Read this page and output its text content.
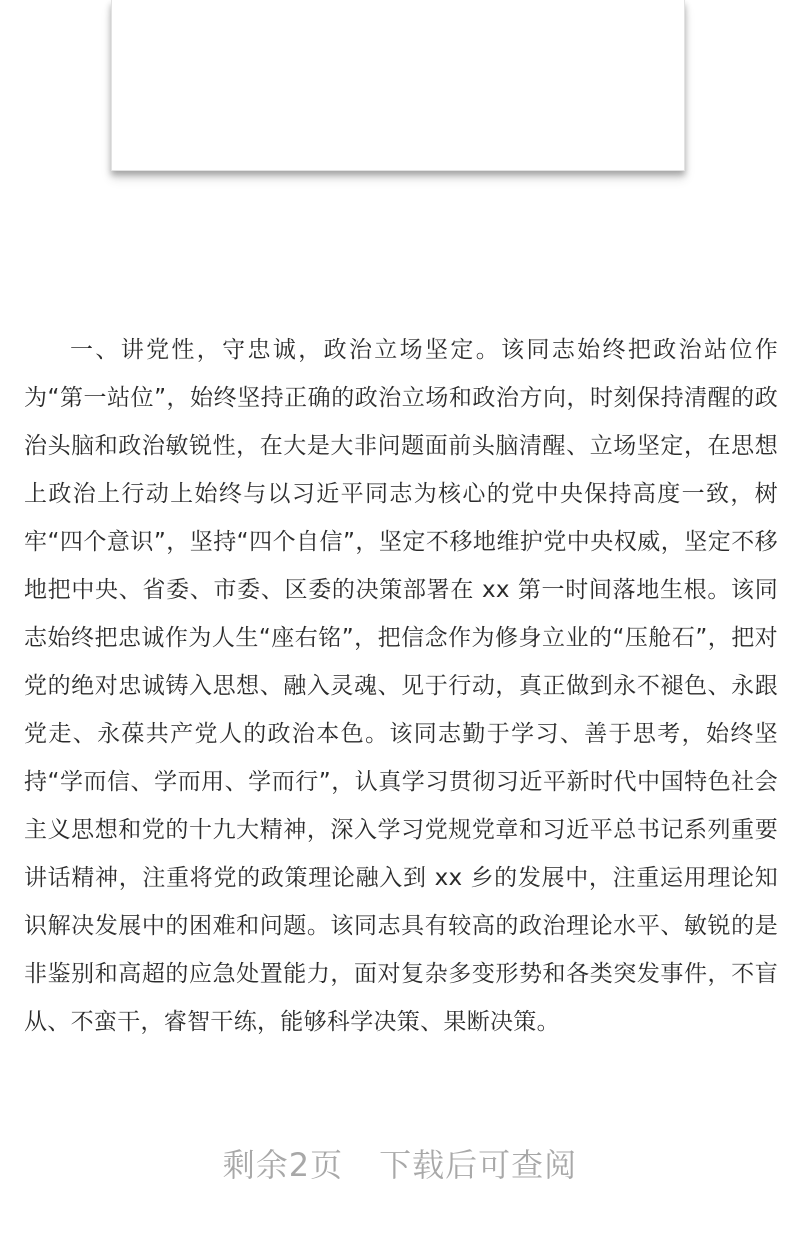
一、讲党性，守忠诚，政治立场坚定。该同志始终把政治站位作为“第一站位”，始终坚持正确的政治立场和政治方向，时刻保持清醒的政治头脑和政治敏锐性，在大是大非问题面前头脑清醒、立场坚定，在思想上政治上行动上始终与以习近平同志为核心的党中央保持高度一致，树牢“四个意识”，坚持“四个自信”，坚定不移地维护党中央权威，坚定不移地把中央、省委、市委、区委的决策部署在 xx 第一时间落地生根。该同志始终把忠诚作为人生“座右铭”，把信念作为修身立业的“压舱石”，把对党的绝对忠诚铸入思想、融入灵魂、见于行动，真正做到永不褪色、永跟党走、永葆共产党人的政治本色。该同志勤于学习、善于思考，始终坚持“学而信、学而用、学而行”，认真学习贯彻习近平新时代中国特色社会主义思想和党的十九大精神，深入学习党规党章和习近平总书记系列重要讲话精神，注重将党的政策理论融入到 xx 乡的发展中，注重运用理论知识解决发展中的困难和问题。该同志具有较高的政治理论水平、敏锐的是非鉴别和高超的应急处置能力，面对复杂多变形势和各类突发事件，不盲从、不蛮干，睿智干练，能够科学决策、果断决策。
剩余2页 下载后可查阅
